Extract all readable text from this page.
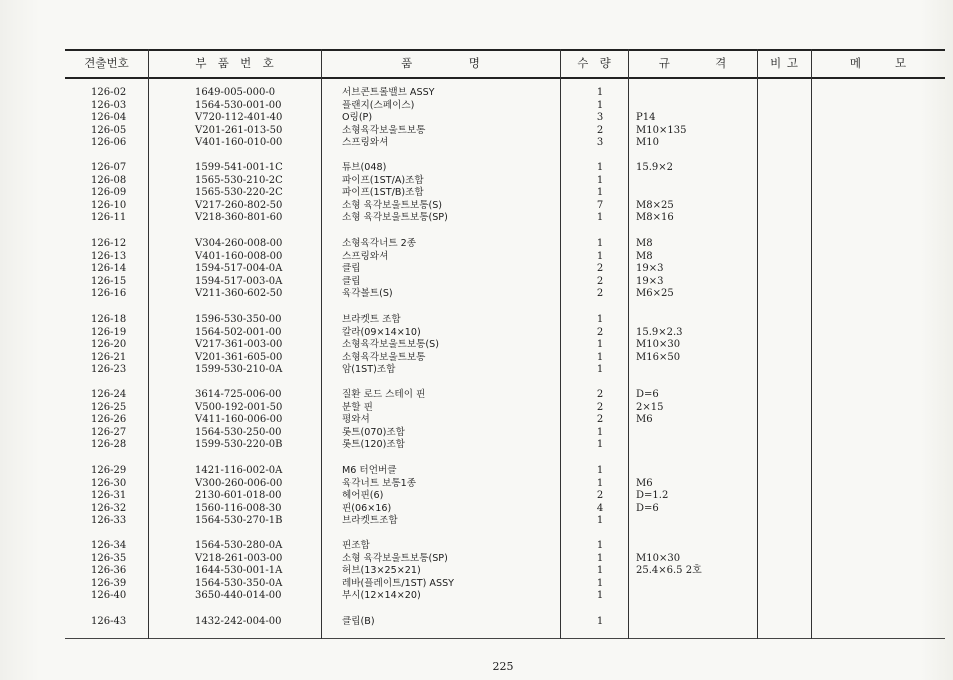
견출번호	부  품  번  호	품          명	수  량	규        격	비 고	메      모
126-02	1649-005-000-0	서브콘트롤밸브 ASSY	1
126-03	1564-530-001-00	플랜지(스페이스)	1
126-04	V720-112-401-40	O링(P)	3	P14
126-05	V201-261-013-50	소형육각보울트보통	2	M10×135
126-06	V401-160-010-00	스프링와셔	3	M10
126-07	1599-541-001-1C	튜브(048)	1	15.9×2
126-08	1565-530-210-2C	파이프(1ST/A)조합	1
126-09	1565-530-220-2C	파이프(1ST/B)조합	1
126-10	V217-260-802-50	소형 육각보울트보통(S)	7	M8×25
126-11	V218-360-801-60	소형 육각보울트보통(SP)	1	M8×16
126-12	V304-260-008-00	소형육각너트 2종	1	M8
126-13	V401-160-008-00	스프링와셔	1	M8
126-14	1594-517-004-0A	클립	2	19×3
126-15	1594-517-003-0A	클립	2	19×3
126-16	V211-360-602-50	육각볼트(S)	2	M6×25
126-18	1596-530-350-00	브라켓트 조합	1
126-19	1564-502-001-00	칼라(09×14×10)	2	15.9×2.3
126-20	V217-361-003-00	소형육각보울트보통(S)	1	M10×30
126-21	V201-361-605-00	소형육각보울트보통	1	M16×50
126-23	1599-530-210-0A	암(1ST)조합	1
126-24	3614-725-006-00	질환 로드 스테이 핀	2	D=6
126-25	V500-192-001-50	분할 핀	2	2×15
126-26	V411-160-006-00	평와셔	2	M6
126-27	1564-530-250-00	롯트(070)조합	1
126-28	1599-530-220-0B	롯트(120)조합	1
126-29	1421-116-002-0A	M6 터언버클	1
126-30	V300-260-006-00	육각너트 보통1종	1	M6
126-31	2130-601-018-00	헤어핀(6)	2	D=1.2
126-32	1560-116-008-30	핀(06×16)	4	D=6
126-33	1564-530-270-1B	브라켓트조합	1
126-34	1564-530-280-0A	핀조합	1
126-35	V218-261-003-00	소형 육각보울트보통(SP)	1	M10×30
126-36	1644-530-001-1A	허브(13×25×21)	1	25.4×6.5 2호
126-39	1564-530-350-0A	레바(플레이트/1ST) ASSY	1
126-40	3650-440-014-00	부시(12×14×20)	1
126-43	1432-242-004-00	클립(B)	1
225
